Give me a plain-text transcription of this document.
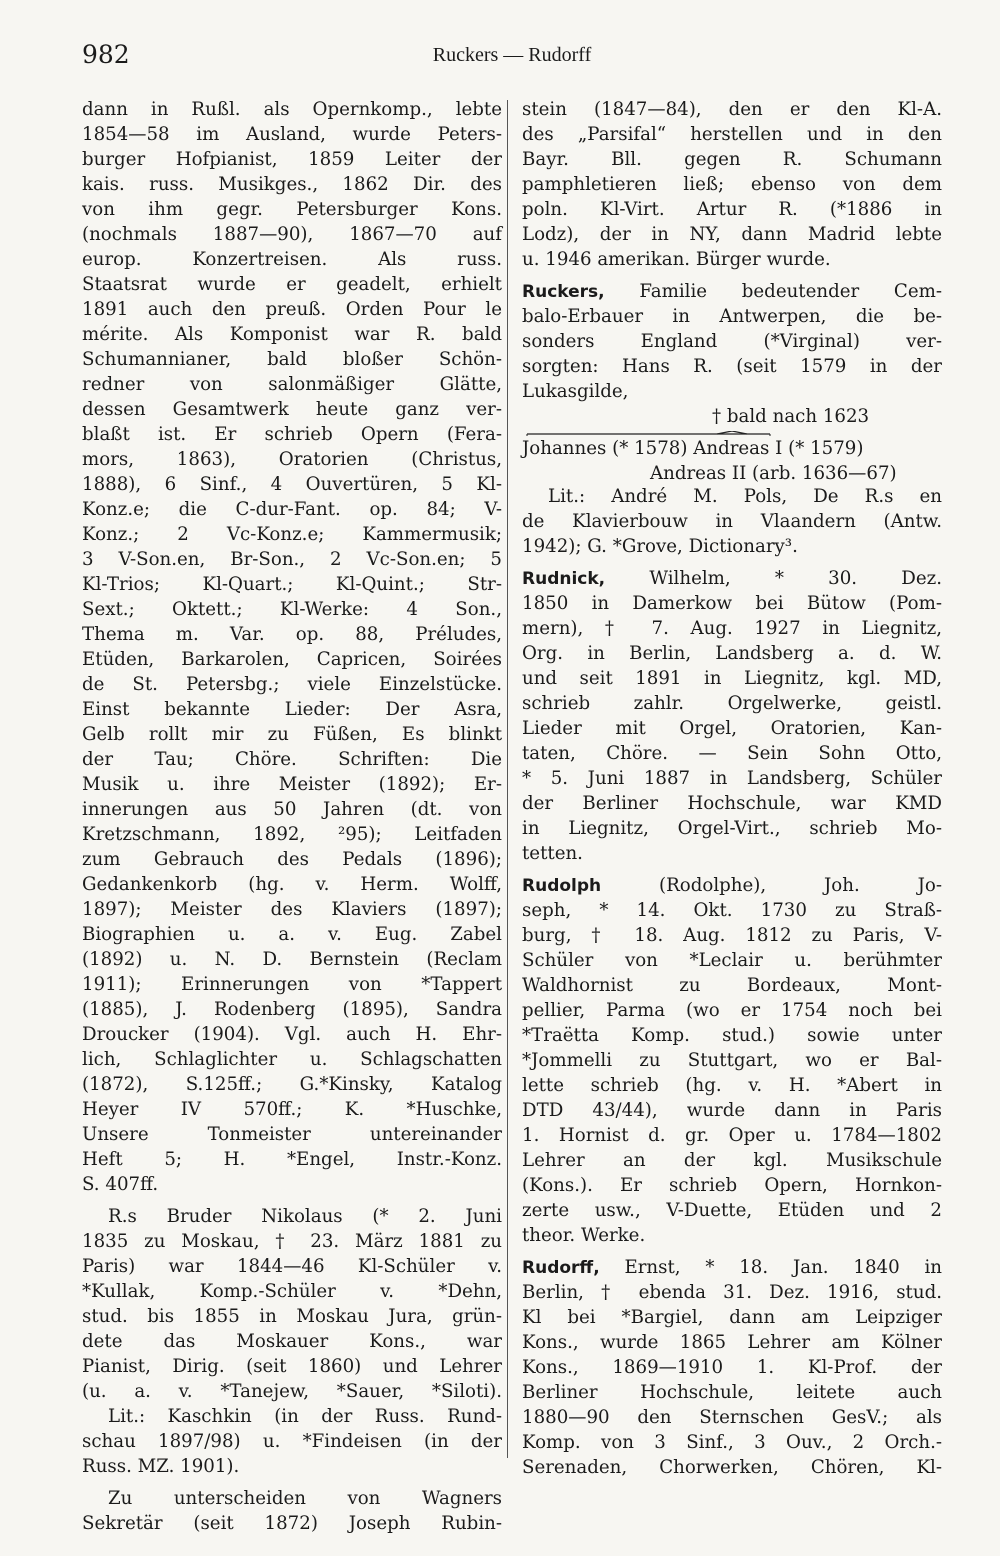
982	Ruckers — Rudorff
dann in Rußl. als Opernkomp., lebte
1854—58 im Ausland, wurde Peters-
burger Hofpianist, 1859 Leiter der
kais. russ. Musikges., 1862 Dir. des
von ihm gegr. Petersburger Kons.
(nochmals 1887—90), 1867—70 auf
europ. Konzertreisen. Als russ.
Staatsrat wurde er geadelt, erhielt
1891 auch den preuß. Orden Pour le
mérite. Als Komponist war R. bald
Schumannianer, bald bloßer Schön-
redner von salonmäßiger Glätte,
dessen Gesamtwerk heute ganz ver-
blaßt ist. Er schrieb Opern (Fera-
mors, 1863), Oratorien (Christus,
1888), 6 Sinf., 4 Ouvertüren, 5 Kl-
Konz.e; die C-dur-Fant. op. 84; V-
Konz.; 2 Vc-Konz.e; Kammermusik;
3 V-Son.en, Br-Son., 2 Vc-Son.en; 5
Kl-Trios; Kl-Quart.; Kl-Quint.; Str-
Sext.; Oktett.; Kl-Werke: 4 Son.,
Thema m. Var. op. 88, Préludes,
Etüden, Barkarolen, Capricen, Soirées
de St. Petersbg.; viele Einzelstücke.
Einst bekannte Lieder: Der Asra,
Gelb rollt mir zu Füßen, Es blinkt
der Tau; Chöre. Schriften: Die
Musik u. ihre Meister (1892); Er-
innerungen aus 50 Jahren (dt. von
Kretzschmann, 1892, ²95); Leitfaden
zum Gebrauch des Pedals (1896);
Gedankenkorb (hg. v. Herm. Wolff,
1897); Meister des Klaviers (1897);
Biographien u. a. v. Eug. Zabel
(1892) u. N. D. Bernstein (Reclam
1911); Erinnerungen von *Tappert
(1885), J. Rodenberg (1895), Sandra
Droucker (1904). Vgl. auch H. Ehr-
lich, Schlaglichter u. Schlagschatten
(1872), S.125ff.; G.*Kinsky, Katalog
Heyer IV 570ff.; K. *Huschke,
Unsere Tonmeister untereinander
Heft 5; H. *Engel, Instr.-Konz.
S. 407ff.
R.s Bruder Nikolaus (* 2. Juni
1835 zu Moskau, † 23. März 1881 zu
Paris) war 1844—46 Kl-Schüler v.
*Kullak, Komp.-Schüler v. *Dehn,
stud. bis 1855 in Moskau Jura, grün-
dete das Moskauer Kons., war
Pianist, Dirig. (seit 1860) und Lehrer
(u. a. v. *Tanejew, *Sauer, *Siloti).
Lit.: Kaschkin (in der Russ. Rund-
schau 1897/98) u. *Findeisen (in der
Russ. MZ. 1901).
Zu unterscheiden von Wagners
Sekretär (seit 1872) Joseph Rubin-
stein (1847—84), den er den Kl-A.
des „Parsifal“ herstellen und in den
Bayr. Bll. gegen R. Schumann
pamphletieren ließ; ebenso von dem
poln. Kl-Virt. Artur R. (*1886 in
Lodz), der in NY, dann Madrid lebte
u. 1946 amerikan. Bürger wurde.
Ruckers, Familie bedeutender Cem-
balo-Erbauer in Antwerpen, die be-
sonders England (*Virginal) ver-
sorgten: Hans R. (seit 1579 in der
Lukasgilde,
† bald nach 1623
Johannes (* 1578) Andreas I (* 1579)
Andreas II (arb. 1636—67)
Lit.: André M. Pols, De R.s en
de Klavierbouw in Vlaandern (Antw.
1942); G. *Grove, Dictionary³.
Rudnick, Wilhelm, * 30. Dez.
1850 in Damerkow bei Bütow (Pom-
mern), † 7. Aug. 1927 in Liegnitz,
Org. in Berlin, Landsberg a. d. W.
und seit 1891 in Liegnitz, kgl. MD,
schrieb zahlr. Orgelwerke, geistl.
Lieder mit Orgel, Oratorien, Kan-
taten, Chöre. — Sein Sohn Otto,
* 5. Juni 1887 in Landsberg, Schüler
der Berliner Hochschule, war KMD
in Liegnitz, Orgel-Virt., schrieb Mo-
tetten.
Rudolph	(Rodolphe), Joh. Jo-
seph, * 14. Okt. 1730 zu Straß-
burg, † 18. Aug. 1812 zu Paris, V-
Schüler von *Leclair u. berühmter
Waldhornist zu Bordeaux, Mont-
pellier, Parma (wo er 1754 noch bei
*Traëtta Komp. stud.) sowie unter
*Jommelli zu Stuttgart, wo er Bal-
lette schrieb (hg. v. H. *Abert in
DTD 43/44), wurde dann in Paris
1. Hornist d. gr. Oper u. 1784—1802
Lehrer an der kgl. Musikschule
(Kons.). Er schrieb Opern, Hornkon-
zerte usw., V-Duette, Etüden und 2
theor. Werke.
Rudorff, Ernst, * 18. Jan. 1840 in
Berlin, † ebenda 31. Dez. 1916, stud.
Kl bei *Bargiel, dann am Leipziger
Kons., wurde 1865 Lehrer am Kölner
Kons., 1869—1910 1. Kl-Prof. der
Berliner Hochschule, leitete auch
1880—90 den Sternschen GesV.; als
Komp. von 3 Sinf., 3 Ouv., 2 Orch.-
Serenaden, Chorwerken, Chören, Kl-
